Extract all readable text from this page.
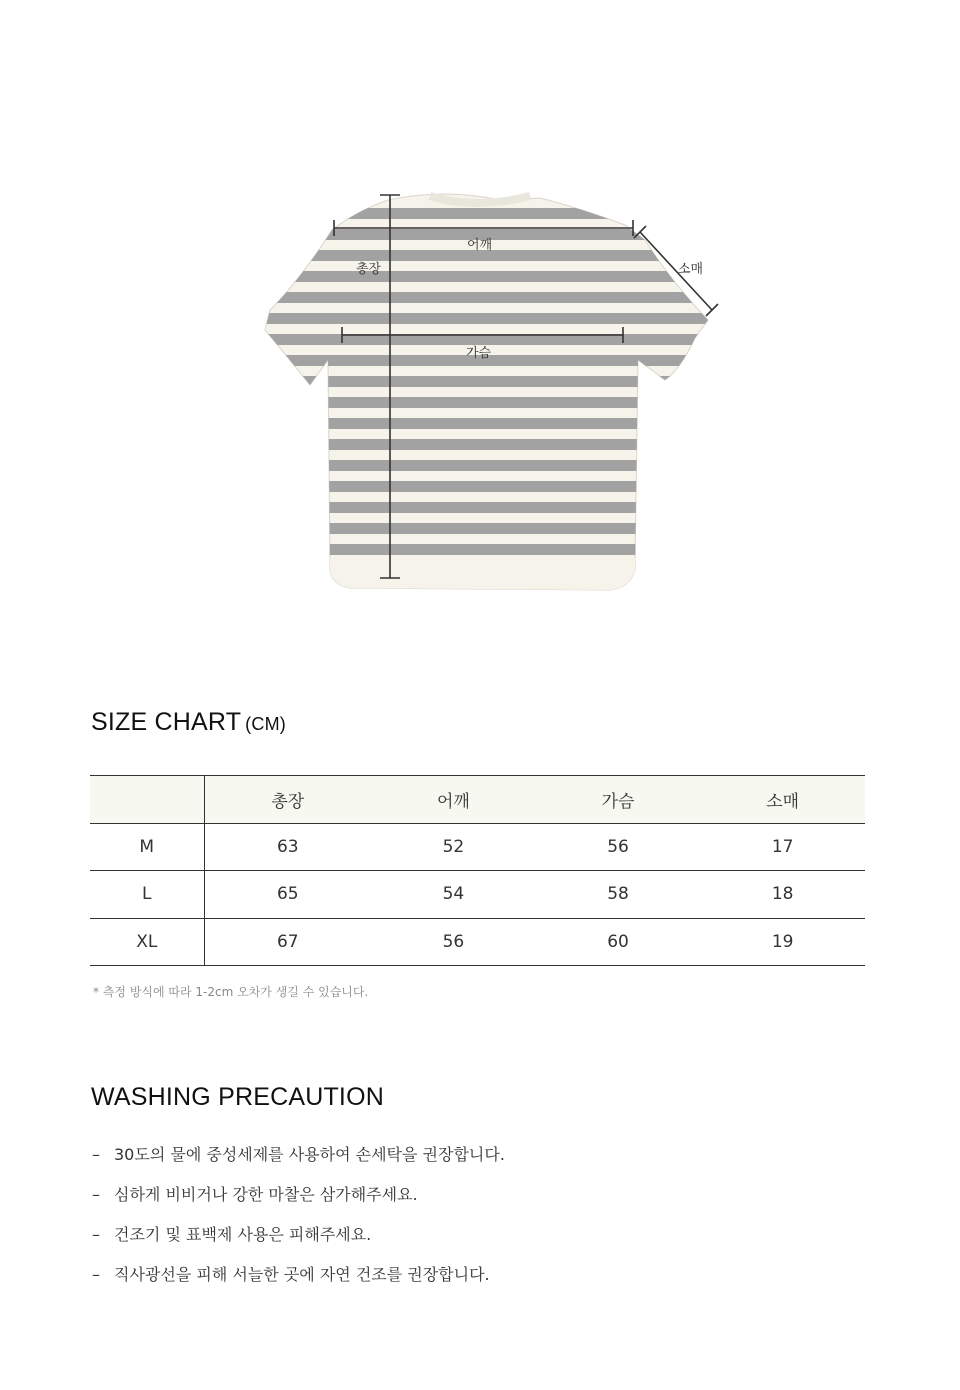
총장
어깨
소매
가슴
SIZE CHART (CM)
	총장	어깨	가슴	소매
M	63	52	56	17
L	65	54	58	18
XL	67	56	60	19
* 측정 방식에 따라 1-2cm 오차가 생길 수 있습니다.
WASHING PRECAUTION
– 30도의 물에 중성세제를 사용하여 손세탁을 권장합니다.
– 심하게 비비거나 강한 마찰은 삼가해주세요.
– 건조기 및 표백제 사용은 피해주세요.
– 직사광선을 피해 서늘한 곳에 자연 건조를 권장합니다.
